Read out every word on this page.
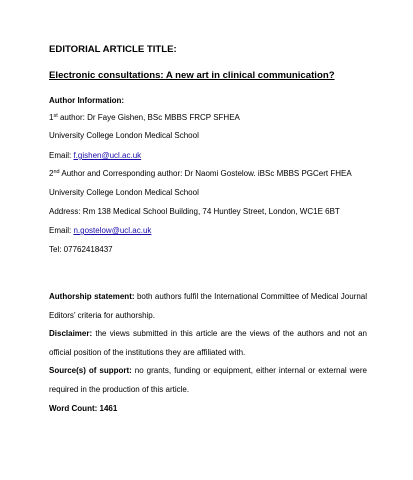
EDITORIAL ARTICLE TITLE:
Electronic consultations: A new art in clinical communication?
Author Information:
1st author: Dr Faye Gishen, BSc MBBS FRCP SFHEA
University College London Medical School
Email: f.gishen@ucl.ac.uk
2nd Author and Corresponding author: Dr Naomi Gostelow. iBSc MBBS PGCert FHEA
University College London Medical School
Address: Rm 138 Medical School Building, 74 Huntley Street, London, WC1E 6BT
Email: n.gostelow@ucl.ac.uk
Tel: 07762418437
Authorship statement: both authors fulfil the International Committee of Medical Journal
Editors’ criteria for authorship.
Disclaimer: the views submitted in this article are the views of the authors and not an
official position of the institutions they are affiliated with.
Source(s) of support: no grants, funding or equipment, either internal or external were
required in the production of this article.
Word Count: 1461
